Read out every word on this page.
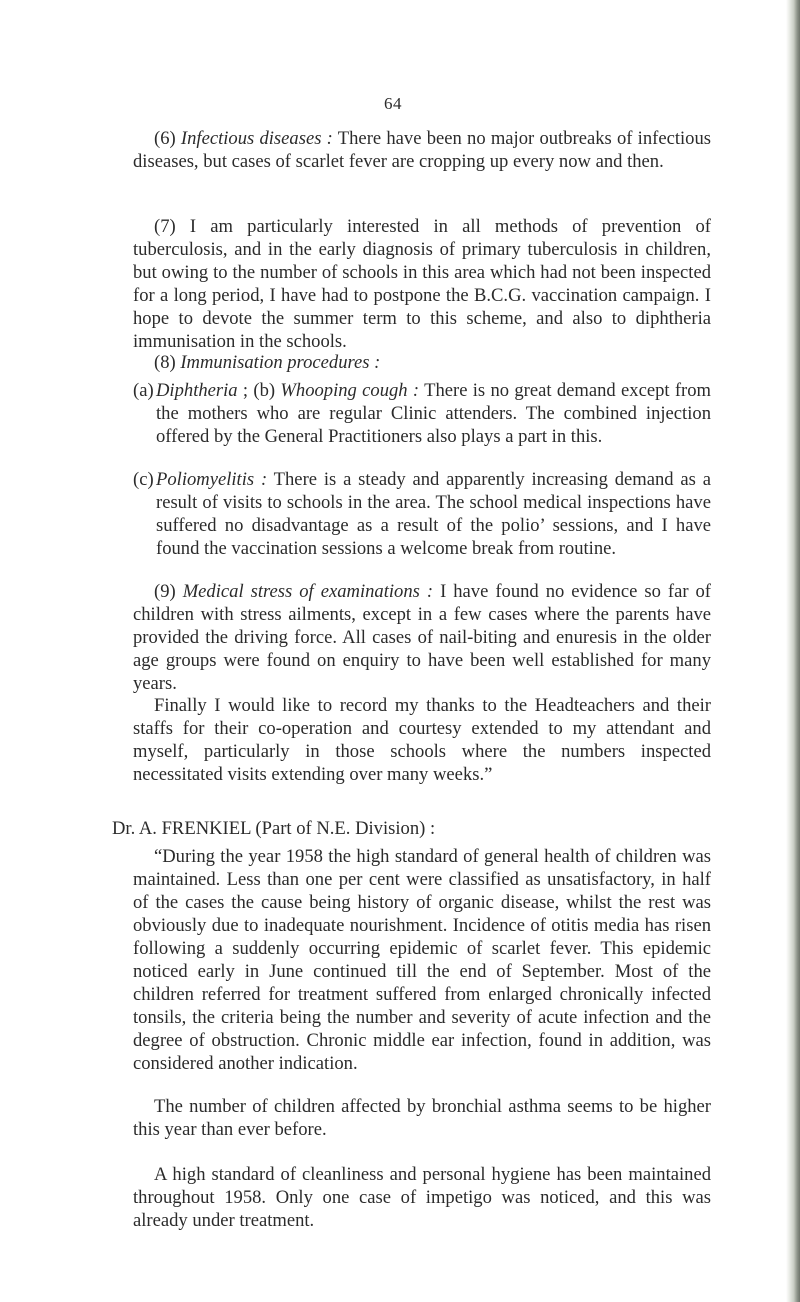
64

(6) Infectious diseases : There have been no major outbreaks of infectious diseases, but cases of scarlet fever are cropping up every now and then.

(7) I am particularly interested in all methods of prevention of tuberculosis, and in the early diagnosis of primary tuberculosis in children, but owing to the number of schools in this area which had not been inspected for a long period, I have had to postpone the B.C.G. vaccination campaign. I hope to devote the summer term to this scheme, and also to diphtheria immunisation in the schools.

(8) Immunisation procedures :

(a) Diphtheria ; (b) Whooping cough : There is no great demand except from the mothers who are regular Clinic attenders. The combined injection offered by the General Practitioners also plays a part in this.

(c) Poliomyelitis : There is a steady and apparently increasing demand as a result of visits to schools in the area. The school medical inspections have suffered no disadvantage as a result of the polio’ sessions, and I have found the vaccination sessions a welcome break from routine.

(9) Medical stress of examinations : I have found no evidence so far of children with stress ailments, except in a few cases where the parents have provided the driving force. All cases of nail-biting and enuresis in the older age groups were found on enquiry to have been well established for many years.

Finally I would like to record my thanks to the Headteachers and their staffs for their co-operation and courtesy extended to my attendant and myself, particularly in those schools where the numbers inspected necessitated visits extending over many weeks.”

Dr. A. FRENKIEL (Part of N.E. Division) :

“During the year 1958 the high standard of general health of children was maintained. Less than one per cent were classified as unsatisfactory, in half of the cases the cause being history of organic disease, whilst the rest was obviously due to inadequate nourishment. Incidence of otitis media has risen following a suddenly occurring epidemic of scarlet fever. This epidemic noticed early in June continued till the end of September. Most of the children referred for treatment suffered from enlarged chronically infected tonsils, the criteria being the number and severity of acute infection and the degree of obstruction. Chronic middle ear infection, found in addition, was considered another indication.

The number of children affected by bronchial asthma seems to be higher this year than ever before.

A high standard of cleanliness and personal hygiene has been maintained throughout 1958. Only one case of impetigo was noticed, and this was already under treatment.
